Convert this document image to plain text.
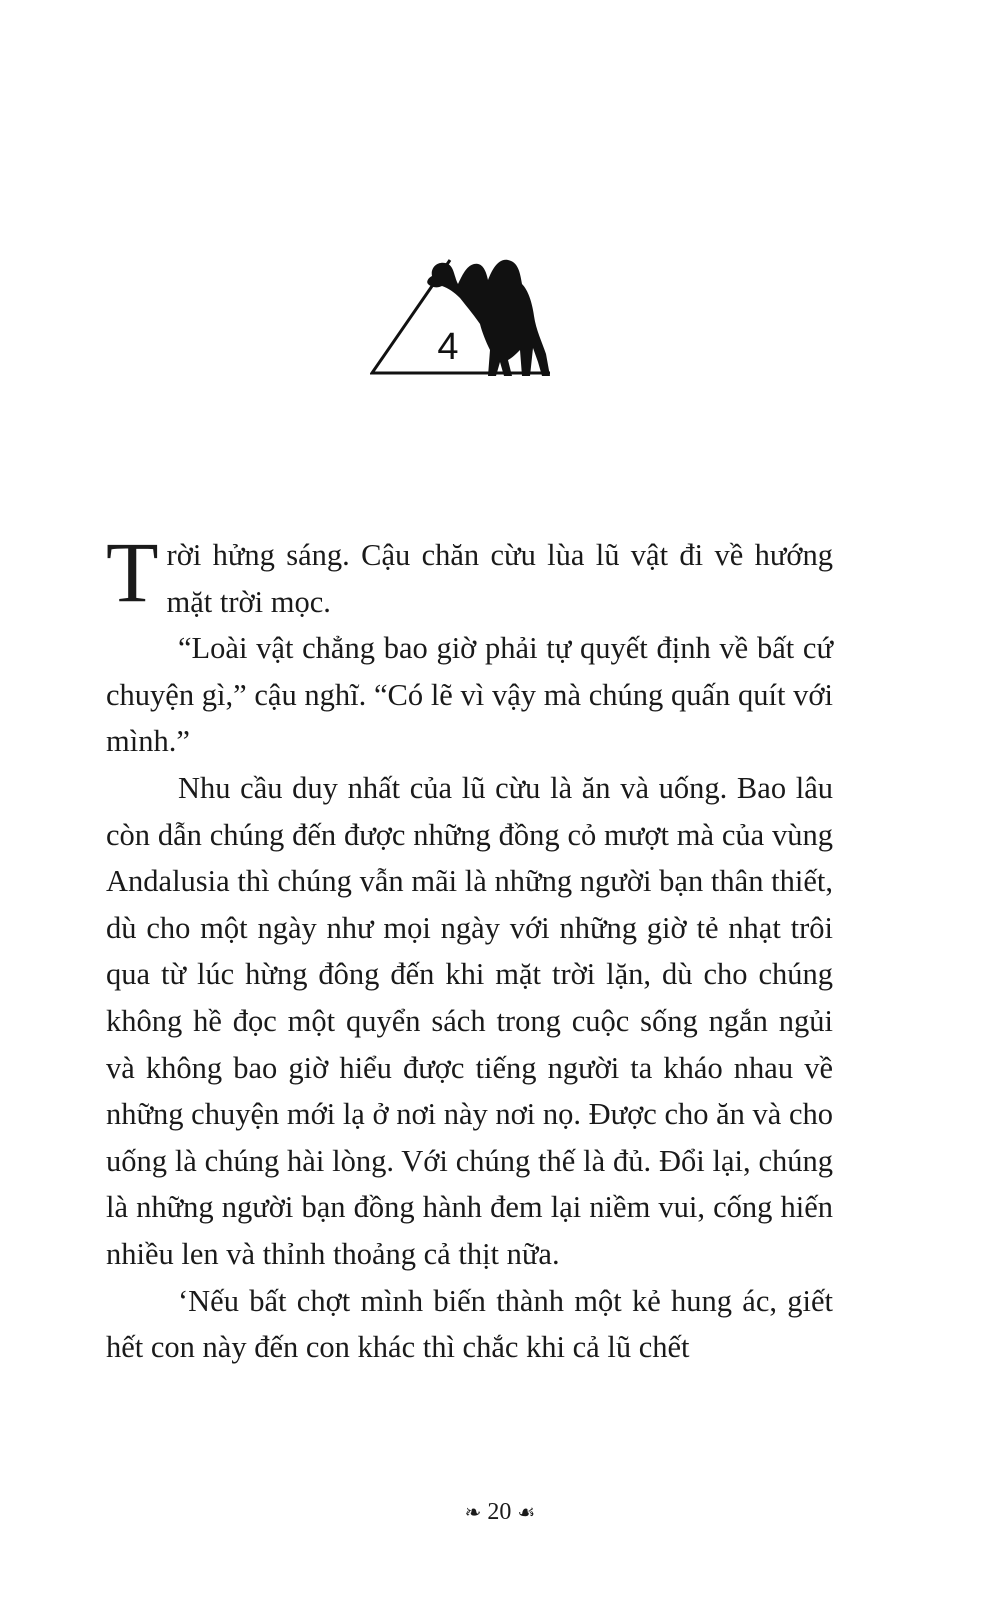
4

Trời hửng sáng. Cậu chăn cừu lùa lũ vật đi về hướng mặt trời mọc.

“Loài vật chẳng bao giờ phải tự quyết định về bất cứ chuyện gì,” cậu nghĩ. “Có lẽ vì vậy mà chúng quấn quít với mình.”

Nhu cầu duy nhất của lũ cừu là ăn và uống. Bao lâu còn dẫn chúng đến được những đồng cỏ mượt mà của vùng Andalusia thì chúng vẫn mãi là những người bạn thân thiết, dù cho một ngày như mọi ngày với những giờ tẻ nhạt trôi qua từ lúc hừng đông đến khi mặt trời lặn, dù cho chúng không hề đọc một quyển sách trong cuộc sống ngắn ngủi và không bao giờ hiểu được tiếng người ta kháo nhau về những chuyện mới lạ ở nơi này nơi nọ. Được cho ăn và cho uống là chúng hài lòng. Với chúng thế là đủ. Đổi lại, chúng là những người bạn đồng hành đem lại niềm vui, cống hiến nhiều len và thỉnh thoảng cả thịt nữa.

‘Nếu bất chợt mình biến thành một kẻ hung ác, giết hết con này đến con khác thì chắc khi cả lũ chết

❧ 20 ☙
